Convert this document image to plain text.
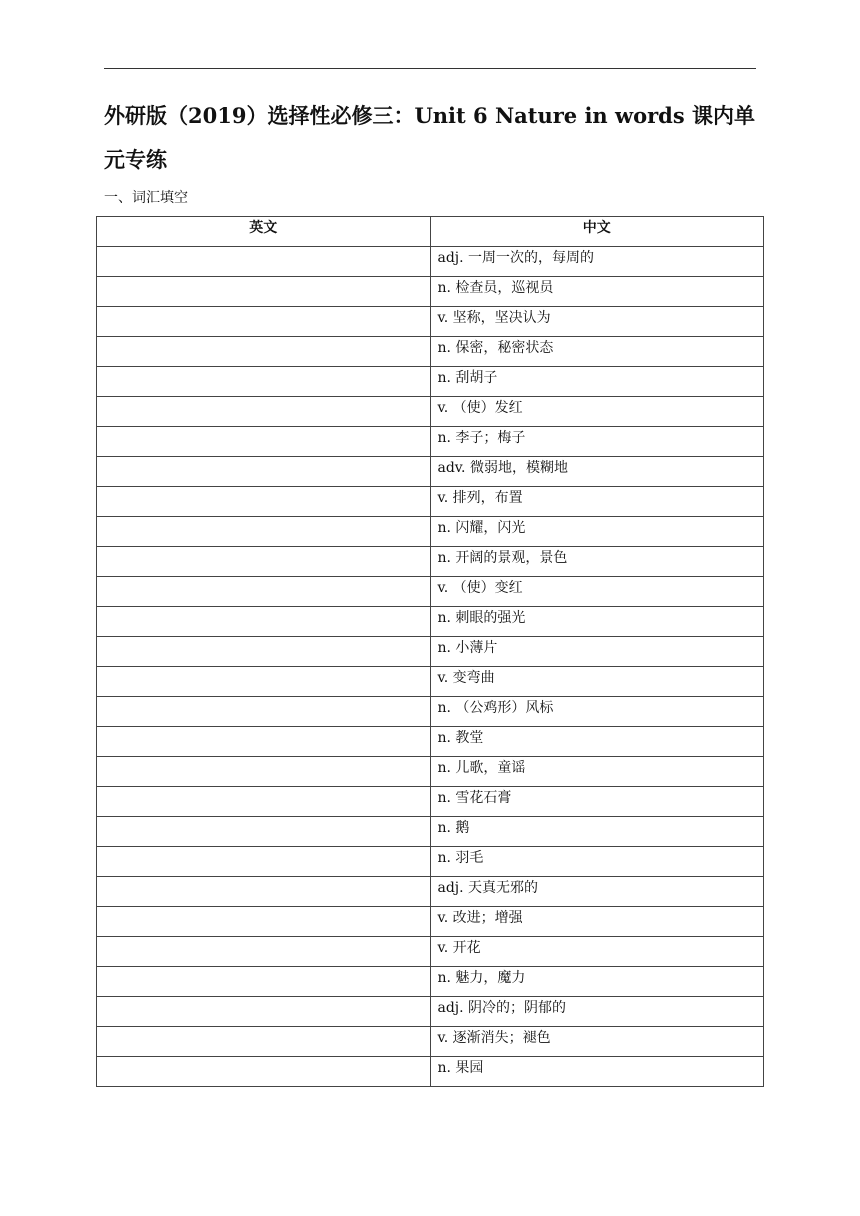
外研版（2019）选择性必修三：Unit 6 Nature in words 课内单元专练

一、词汇填空

英文	中文
	adj. 一周一次的，每周的
	n. 检查员，巡视员
	v. 坚称，坚决认为
	n. 保密，秘密状态
	n. 刮胡子
	v. （使）发红
	n. 李子；梅子
	adv. 微弱地，模糊地
	v. 排列，布置
	n. 闪耀，闪光
	n. 开阔的景观，景色
	v. （使）变红
	n. 刺眼的强光
	n. 小薄片
	v. 变弯曲
	n. （公鸡形）风标
	n. 教堂
	n. 儿歌，童谣
	n. 雪花石膏
	n. 鹅
	n. 羽毛
	adj. 天真无邪的
	v. 改进；增强
	v. 开花
	n. 魅力，魔力
	adj. 阴冷的；阴郁的
	v. 逐渐消失；褪色
	n. 果园
